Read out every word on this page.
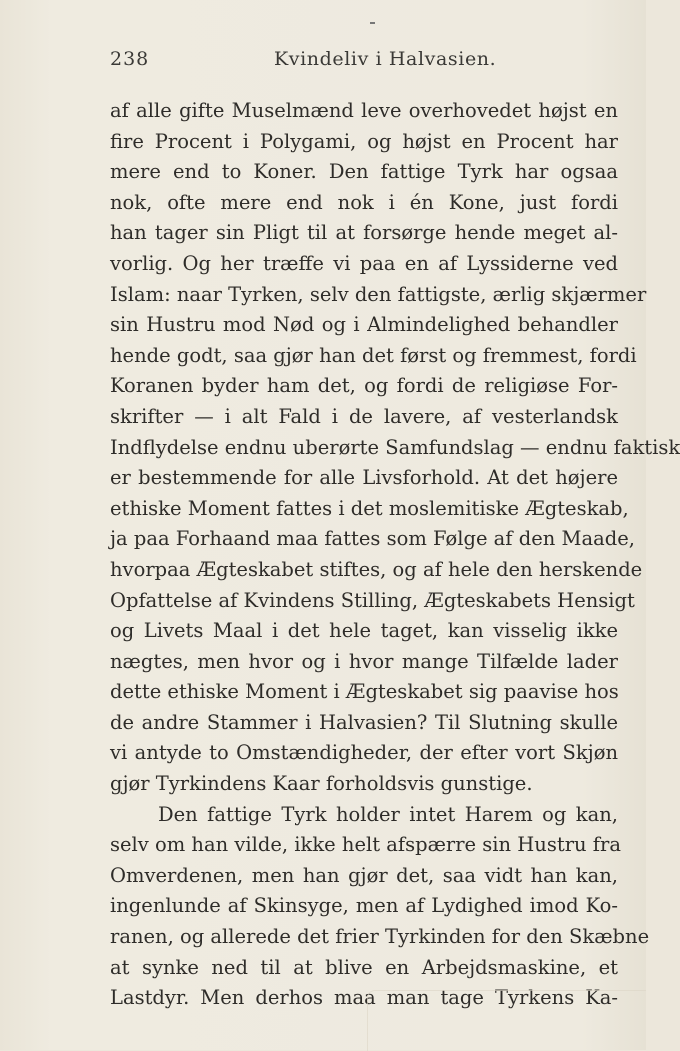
238	Kvindeliv i Halvasien.
af alle gifte Muselmænd leve overhovedet højst en
fire Procent i Polygami, og højst en Procent har
mere end to Koner. Den fattige Tyrk har ogsaa
nok, ofte mere end nok i én Kone, just fordi
han tager sin Pligt til at forsørge hende meget al-
vorlig. Og her træffe vi paa en af Lyssiderne ved
Islam: naar Tyrken, selv den fattigste, ærlig skjærmer
sin Hustru mod Nød og i Almindelighed behandler
hende godt, saa gjør han det først og fremmest, fordi
Koranen byder ham det, og fordi de religiøse For-
skrifter — i alt Fald i de lavere, af vesterlandsk
Indflydelse endnu uberørte Samfundslag — endnu faktisk
er bestemmende for alle Livsforhold. At det højere
ethiske Moment fattes i det moslemitiske Ægteskab,
ja paa Forhaand maa fattes som Følge af den Maade,
hvorpaa Ægteskabet stiftes, og af hele den herskende
Opfattelse af Kvindens Stilling, Ægteskabets Hensigt
og Livets Maal i det hele taget, kan visselig ikke
nægtes, men hvor og i hvor mange Tilfælde lader
dette ethiske Moment i Ægteskabet sig paavise hos
de andre Stammer i Halvasien? Til Slutning skulle
vi antyde to Omstændigheder, der efter vort Skjøn
gjør Tyrkindens Kaar forholdsvis gunstige.
Den fattige Tyrk holder intet Harem og kan,
selv om han vilde, ikke helt afspærre sin Hustru fra
Omverdenen, men han gjør det, saa vidt han kan,
ingenlunde af Skinsyge, men af Lydighed imod Ko-
ranen, og allerede det frier Tyrkinden for den Skæbne
at synke ned til at blive en Arbejdsmaskine, et
Lastdyr. Men derhos maa man tage Tyrkens Ka-
